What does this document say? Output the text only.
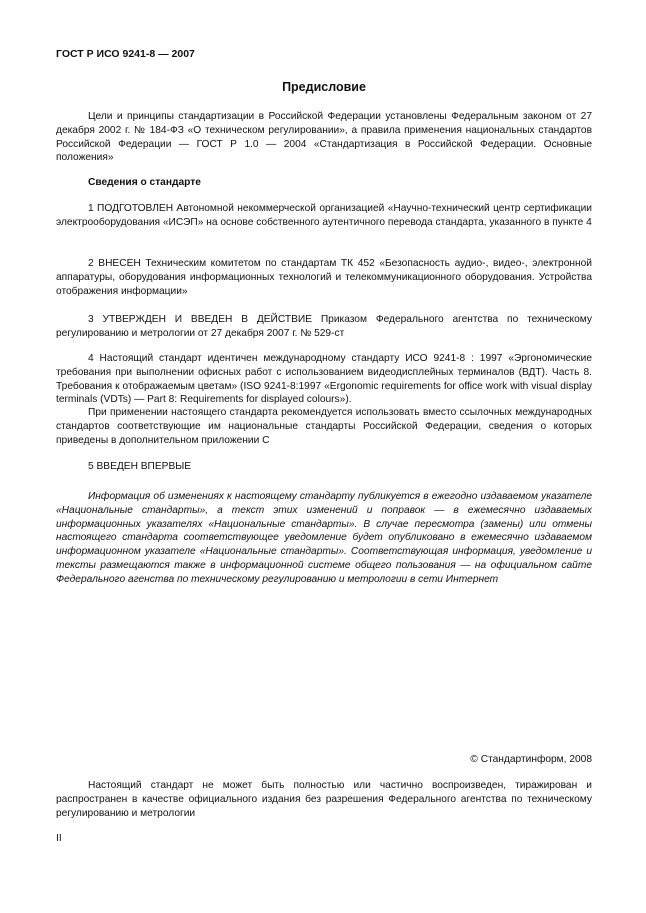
ГОСТ Р ИСО 9241-8 — 2007
Предисловие

Цели и принципы стандартизации в Российской Федерации установлены Федеральным законом от 27 декабря 2002 г. № 184-ФЗ «О техническом регулировании», а правила применения национальных стандартов Российской Федерации — ГОСТ Р 1.0 — 2004 «Стандартизация в Российской Федерации. Основные положения»

Сведения о стандарте

1 ПОДГОТОВЛЕН Автономной некоммерческой организацией «Научно-технический центр сертификации электрооборудования «ИСЭП» на основе собственного аутентичного перевода стандарта, указанного в пункте 4

2 ВНЕСЕН Техническим комитетом по стандартам ТК 452 «Безопасность аудио-, видео-, электронной аппаратуры, оборудования информационных технологий и телекоммуникационного оборудования. Устройства отображения информации»

3 УТВЕРЖДЕН И ВВЕДЕН В ДЕЙСТВИЕ Приказом Федерального агентства по техническому регулированию и метрологии от 27 декабря 2007 г. № 529-ст

4 Настоящий стандарт идентичен международному стандарту ИСО 9241-8 : 1997 «Эргономические требования при выполнении офисных работ с использованием видеодисплейных терминалов (ВДТ). Часть 8. Требования к отображаемым цветам» (ISO 9241-8:1997 «Ergonomic requirements for office work with visual display terminals (VDTs) — Part 8: Requirements for displayed colours»).

При применении настоящего стандарта рекомендуется использовать вместо ссылочных международных стандартов соответствующие им национальные стандарты Российской Федерации, сведения о которых приведены в дополнительном приложении С

5 ВВЕДЕН ВПЕРВЫЕ

Информация об изменениях к настоящему стандарту публикуется в ежегодно издаваемом указателе «Национальные стандарты», а текст этих изменений и поправок — в ежемесячно издаваемых информационных указателях «Национальные стандарты». В случае пересмотра (замены) или отмены настоящего стандарта соответствующее уведомление будет опубликовано в ежемесячно издаваемом информационном указателе «Национальные стандарты». Соответствующая информация, уведомление и тексты размещаются также в информационной системе общего пользования — на официальном сайте Федерального агенства по техническому регулированию и метрологии в сети Интернет

© Стандартинформ, 2008

Настоящий стандарт не может быть полностью или частично воспроизведен, тиражирован и распространен в качестве официального издания без разрешения Федерального агентства по техническому регулированию и метрологии

II
